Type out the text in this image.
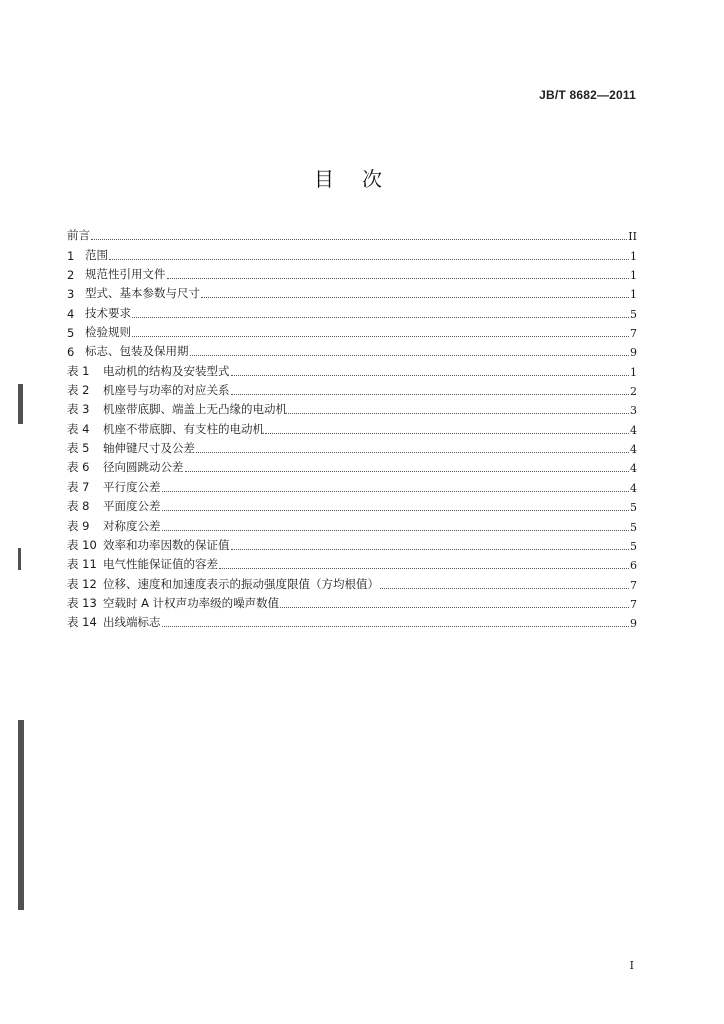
JB/T 8682—2011
目次
前言	II
1 范围	1
2 规范性引用文件	1
3 型式、基本参数与尺寸	1
4 技术要求	5
5 检验规则	7
6 标志、包装及保用期	9
表 1	电动机的结构及安装型式	1
表 2	机座号与功率的对应关系	2
表 3	机座带底脚、端盖上无凸缘的电动机	3
表 4	机座不带底脚、有支柱的电动机	4
表 5	轴伸键尺寸及公差	4
表 6	径向圆跳动公差	4
表 7	平行度公差	4
表 8	平面度公差	5
表 9	对称度公差	5
表 10 效率和功率因数的保证值	5
表 11 电气性能保证值的容差	6
表 12 位移、速度和加速度表示的振动强度限值（方均根值）	7
表 13 空载时 A 计权声功率级的噪声数值	7
表 14 出线端标志	9
I
